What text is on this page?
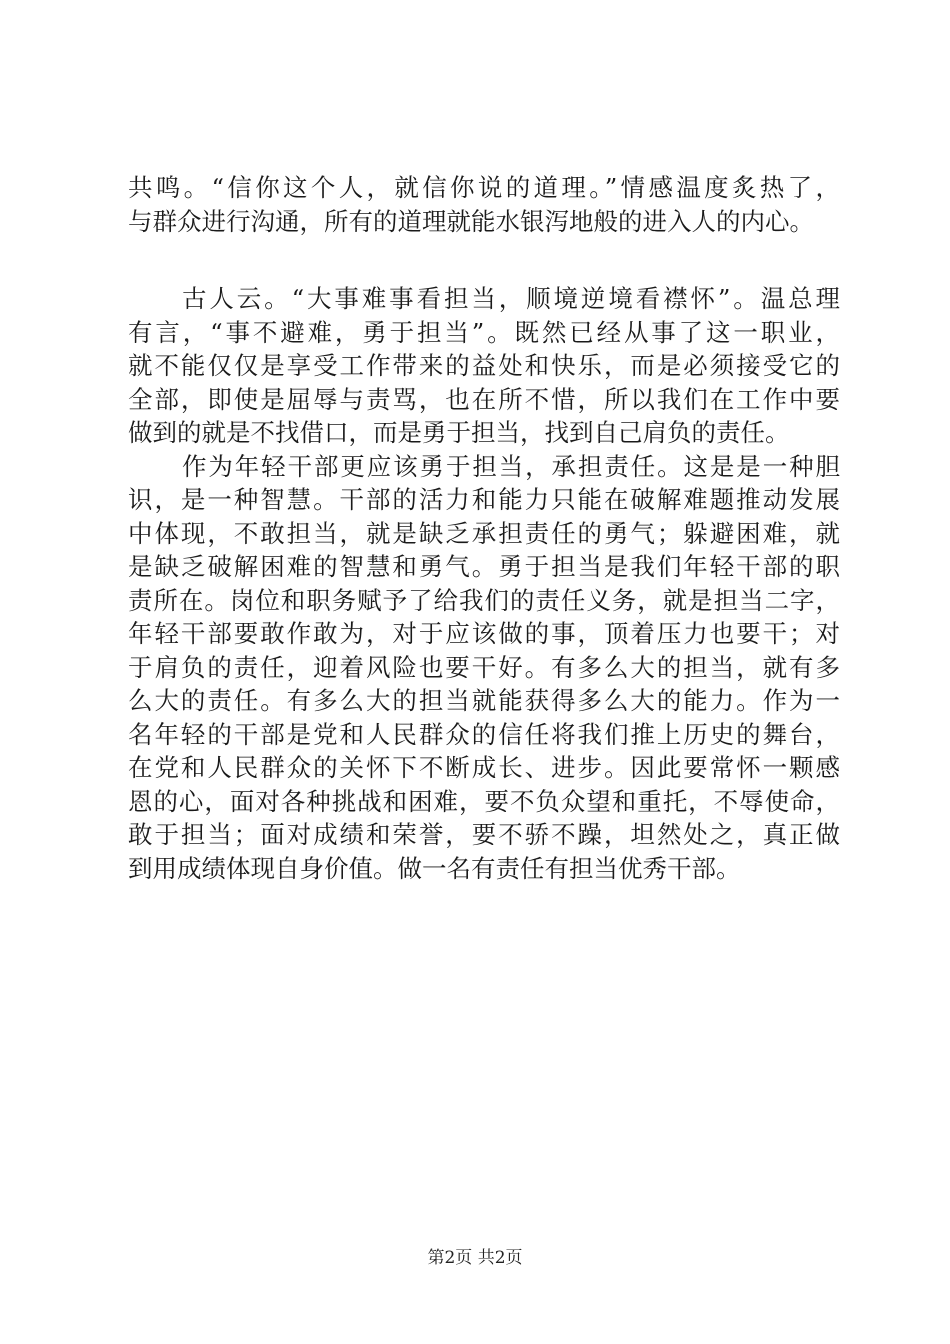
共鸣。“信你这个人，就信你说的道理。”情感温度炙热了，
与群众进行沟通，所有的道理就能水银泻地般的进入人的内心。
古人云。“大事难事看担当，顺境逆境看襟怀”。温总理
有言，“事不避难，勇于担当”。既然已经从事了这一职业，
就不能仅仅是享受工作带来的益处和快乐，而是必须接受它的
全部，即使是屈辱与责骂，也在所不惜，所以我们在工作中要
做到的就是不找借口，而是勇于担当，找到自己肩负的责任。
作为年轻干部更应该勇于担当，承担责任。这是是一种胆
识，是一种智慧。干部的活力和能力只能在破解难题推动发展
中体现，不敢担当，就是缺乏承担责任的勇气；躲避困难，就
是缺乏破解困难的智慧和勇气。勇于担当是我们年轻干部的职
责所在。岗位和职务赋予了给我们的责任义务，就是担当二字，
年轻干部要敢作敢为，对于应该做的事，顶着压力也要干；对
于肩负的责任，迎着风险也要干好。有多么大的担当，就有多
么大的责任。有多么大的担当就能获得多么大的能力。作为一
名年轻的干部是党和人民群众的信任将我们推上历史的舞台，
在党和人民群众的关怀下不断成长、进步。因此要常怀一颗感
恩的心，面对各种挑战和困难，要不负众望和重托，不辱使命，
敢于担当；面对成绩和荣誉，要不骄不躁，坦然处之，真正做
到用成绩体现自身价值。做一名有责任有担当优秀干部。
第2页 共2页
